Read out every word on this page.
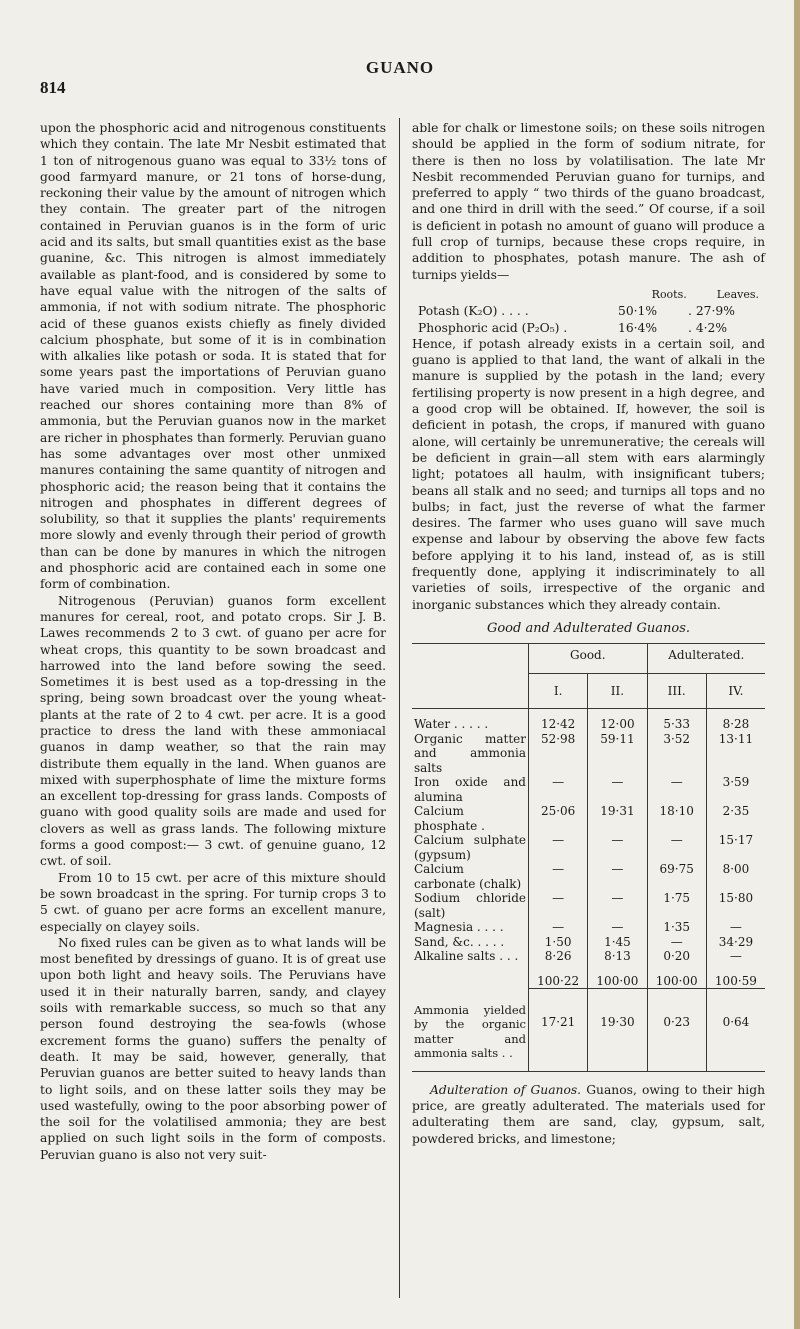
GUANO
814

upon the phosphoric acid and nitrogenous constituents which they contain. The late Mr Nesbit estimated that 1 ton of nitrogenous guano was equal to 33½ tons of good farmyard manure, or 21 tons of horse-dung, reckoning their value by the amount of nitrogen which they contain. The greater part of the nitrogen contained in Peruvian guanos is in the form of uric acid and its salts, but small quantities exist as the base guanine, &c. This nitrogen is almost immediately available as plant-food, and is considered by some to have equal value with the nitrogen of the salts of ammonia, if not with sodium nitrate. The phosphoric acid of these guanos exists chiefly as finely divided calcium phosphate, but some of it is in combination with alkalies like potash or soda. It is stated that for some years past the importations of Peruvian guano have varied much in composition. Very little has reached our shores containing more than 8% of ammonia, but the Peruvian guanos now in the market are richer in phosphates than formerly. Peruvian guano has some advantages over most other unmixed manures containing the same quantity of nitrogen and phosphoric acid; the reason being that it contains the nitrogen and phosphates in different degrees of solubility, so that it supplies the plants' requirements more slowly and evenly through their period of growth than can be done by manures in which the nitrogen and phosphoric acid are contained each in some one form of combination.

Nitrogenous (Peruvian) guanos form excellent manures for cereal, root, and potato crops. Sir J. B. Lawes recommends 2 to 3 cwt. of guano per acre for wheat crops, this quantity to be sown broadcast and harrowed into the land before sowing the seed. Sometimes it is best used as a top-dressing in the spring, being sown broadcast over the young wheat-plants at the rate of 2 to 4 cwt. per acre. It is a good practice to dress the land with these ammoniacal guanos in damp weather, so that the rain may distribute them equally in the land. When guanos are mixed with superphosphate of lime the mixture forms an excellent top-dressing for grass lands. Composts of guano with good quality soils are made and used for clovers as well as grass lands. The following mixture forms a good compost:— 3 cwt. of genuine guano, 12 cwt. of soil.

From 10 to 15 cwt. per acre of this mixture should be sown broadcast in the spring. For turnip crops 3 to 5 cwt. of guano per acre forms an excellent manure, especially on clayey soils.

No fixed rules can be given as to what lands will be most benefited by dressings of guano. It is of great use upon both light and heavy soils. The Peruvians have used it in their naturally barren, sandy, and clayey soils with remarkable success, so much so that any person found destroying the sea-fowls (whose excrement forms the guano) suffers the penalty of death. It may be said, however, generally, that Peruvian guanos are better suited to heavy lands than to light soils, and on these latter soils they may be used wastefully, owing to the poor absorbing power of the soil for the volatilised ammonia; they are best applied on such light soils in the form of composts. Peruvian guano is also not very suit-

able for chalk or limestone soils; on these soils nitrogen should be applied in the form of sodium nitrate, for there is then no loss by volatilisation. The late Mr Nesbit recommended Peruvian guano for turnips, and preferred to apply “ two thirds of the guano broadcast, and one third in drill with the seed.” Of course, if a soil is deficient in potash no amount of guano will produce a full crop of turnips, because these crops require, in addition to phosphates, potash manure. The ash of turnips yields—

Roots.	Leaves.
Potash (K₂O) . . . .	50·1%	. 27·9%
Phosphoric acid (P₂O₅) .	16·4%	. 4·2%

Hence, if potash already exists in a certain soil, and guano is applied to that land, the want of alkali in the manure is supplied by the potash in the land; every fertilising property is now present in a high degree, and a good crop will be obtained. If, however, the soil is deficient in potash, the crops, if manured with guano alone, will certainly be unremunerative; the cereals will be deficient in grain—all stem with ears alarmingly light; potatoes all haulm, with insignificant tubers; beans all stalk and no seed; and turnips all tops and no bulbs; in fact, just the reverse of what the farmer desires. The farmer who uses guano will save much expense and labour by observing the above few facts before applying it to his land, instead of, as is still frequently done, applying it indiscriminately to all varieties of soils, irrespective of the organic and inorganic substances which they already contain.

Good and Adulterated Guanos.
	Good.		Adulterated.	
	I.	II.	III.	IV.
Water . . . . .	12·42	12·00	5·33	8·28
Organic matter and ammonia salts	52·98	59·11	3·52	13·11
Iron oxide and alumina	—	—	—	3·59
Calcium phosphate .	25·06	19·31	18·10	2·35
Calcium sulphate (gypsum)	—	—	—	15·17
Calcium carbonate (chalk)	—	—	69·75	8·00
Sodium chloride (salt)	—	—	1·75	15·80
Magnesia . . . .	—	—	1·35	—
Sand, &c. . . . .	1·50	1·45	—	34·29
Alkaline salts . . .	8·26	8·13	0·20	—
	100·22	100·00	100·00	100·59
Ammonia yielded by the organic matter and ammonia salts . .	17·21	19·30	0·23	0·64

Adulteration of Guanos. Guanos, owing to their high price, are greatly adulterated. The materials used for adulterating them are sand, clay, gypsum, salt, powdered bricks, and limestone;
